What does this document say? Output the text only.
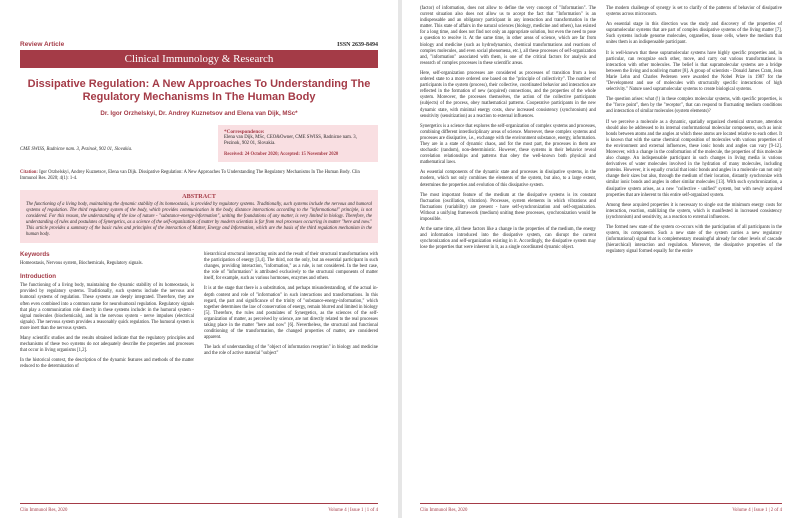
Review Article	ISSN 2639-8494
Clinical Immunology & Research
Dissipative Regulation: A New Approaches To Understanding The Regulatory Mechanisms In The Human Body
Dr. Igor Orzhelskyi, Dr. Andrey Kuznetsov and Elena van Dijk, MSc*
CME SWISS, Radnicne nam. 3, Pezinok, 902 01, Slovakia.
*Correspondence:
Elena van Dijk, MSc, CEO&Owner, CME SWISS, Radnicne nam. 3, Pezinok, 902 01, Slovakia.
Received: 24 October 2020; Accepted: 15 November 2020
Citation: Igor Orzhelskyi, Andrey Kuznetsov, Elena van Dijk. Dissipative Regulation: A New Approaches To Understanding The Regulatory Mechanisms In The Human Body. Clin Immunol Res. 2020; 4(1): 1-4.
ABSTRACT
The functioning of a living body, maintaining the dynamic stability of its homeostasis, is provided by regulatory systems. Traditionally, such systems include the nervous and humoral systems of regulation. The third regulatory system of the body, which provides communication in the body, distance interactions according to the "informational" principle, is not considered. For this reason, the understanding of the law of nature - "substance-energy-information", uniting the foundations of any matter, is very limited in biology. Therefore, the understanding of rules and postulates of Synergetics, as a science of the self-organization of matter by modern scientists is far from real processes occurring in matter "here and now." This article provides a summary of the basic rules and principles of the interaction of Matter, Energy and Information, which are the basis of the third regulation mechanism in the human body.
Keywords
Homeostasis, Nervous system, Biochemicals, Regulatory signals.
Introduction

The functioning of a living body, maintaining the dynamic stability of its homeostasis, is provided by regulatory systems. Traditionally, such systems include the nervous and humoral systems of regulation. These systems are deeply integrated. Therefore, they are often even combined into a common name for neurohumoral regulation. Regulatory signals that play a communication role directly in these systems include: in the humoral system - signal molecules (biochemicals), and in the nervous system - nerve impulses (electrical signals). The nervous system provides a reasonably quick regulation. The humoral system is more inert than the nervous system.

Many scientific studies and the results obtained indicate that the regulatory principles and mechanisms of these two systems do not adequately describe the properties and processes that occur in living organisms [1,2].

In the historical context, the description of the dynamic features and methods of the matter reduced to the determination of

hierarchical structural interacting units and the result of their structural transformations with the participation of energy [3,4]. The third, not the only, but an essential participant in such changes, providing interaction, "information," as a rule, is not considered. In the best case, the role of "information" is attributed exclusively to the structural components of matter itself, for example, such as various hormones, enzymes and others.

It is at the stage that there is a substitution, and perhaps misunderstanding, of the actual in-depth content and role of "information" in such interactions and transformations. In this regard, the part and significance of the trinity of "substance-energy-information," which together determines the law of conservation of energy, remain blurred and limited in biology [5]. Therefore, the rules and postulates of Synergetics, as the sciences of the self-organization of matter, as perceived by science, are not directly related to the real processes taking place in the matter "here and now" [6]. Nevertheless, the structural and functional conditioning of the transformation, the changed properties of matter, are considered apparent.

The lack of understanding of the "object of information reception" in biology and medicine and the role of active material "subject"

Clin Immunol Res, 2020	Volume 4 | Issue 1 | 1 of 4

(factor) of information, does not allow to define the very concept of "Information". The current situation also does not allow us to accept the fact that "Information" is an indispensable and an obligatory participant in any interaction and transformation in the matter. This state of affairs in the natural sciences (biology, medicine and others), has existed for a long time, and does not find not only an appropriate solution, but even the need to pose a question to resolve it. At the same time, in other areas of science, which are far from biology and medicine (such as hydrodynamics, chemical transformations and reactions of complex molecules, and even social phenomena, etc.), all these processes of self-organization and, "information" associated with them, is one of the critical factors for analysis and research of complex processes in these scientific areas.

Here, self-organization processes are considered as processes of transition from a less ordered state to a more ordered one based on the "principle of collectivity". The number of participants in the system (process), their collective, coordinated behavior and interaction are reflected in the formation of new (acquired) connections, and the properties of the whole system. Moreover, the processes themselves, the action of the collective participants (subjects) of the process, obey mathematical patterns. Cooperative participants in the new dynamic state, with minimal energy costs, show increased consistency (synchronism) and sensitivity (sensitization) as a reaction to external influences.

Synergetics is a science that explores the self-organization of complex systems and processes, combining different interdisciplinary areas of science. Moreover, these complex systems and processes are dissipative, i.e., exchange with the environment substance, energy, information. They are in a state of dynamic chaos, and for the most part, the processes in them are stochastic (random), non-deterministic. However, these systems in their behavior reveal correlation relationships and patterns that obey the well-known both physical and mathematical laws.

As essential components of the dynamic state and processes in dissipative systems, in the modern, which not only combines the elements of the system, but also, to a large extent, determines the properties and evolution of this dissipative system.

The most important feature of the medium at the dissipative systems is its constant fluctuation (oscillation, vibration). Processes, system elements in which vibrations and fluctuations (variability) are present - have self-synchronization and self-organization. Without a unifying framework (medium) uniting these processes, synchronization would be impossible.

At the same time, all these factors like a change in the properties of the medium, the energy and information introduced into the dissipative system, can disrupt the current synchronization and self-organization existing in it. Accordingly, the dissipative system may lose the properties that were inherent in it, as a single coordinated dynamic object.

The modern challenge of synergy is set to clarify of the patterns of behavior of dissipative systems across microcosm.

An essential stage in this direction was the study and discovery of the properties of supramolecular systems that are part of complex dissipative systems of the living matter [7]. Such systems include genome molecules, organelles, tissue cells, where the medium that unites them is an indispensable participant.

It is well-known that these supramolecular systems have highly specific properties and, in particular, can recognize each other, move, and carry out various transformations in interaction with other molecules. The belief is that supramolecular systems are a bridge between the living and nonliving matter [8]. A group of scientists - Donald James Cram, Jean Marie Lehn and Charles Pedersen were awarded the Nobel Prize in 1987 for the "Development and use of molecules with structurally specific interactions of high selectivity." Nature used supramolecular systems to create biological systems.

The question arises: what (!) in these complex molecular systems, with specific properties, is the "force point", then by the "receptor", that can respond to fluctuating medium conditions and interaction of similar molecules (system elements)?

If we perceive a molecule as a dynamic, spatially organized chemical structure, attention should also be addressed to its internal conformational molecular components, such as ionic bonds between atoms and the angles at which these atoms are located relative to each other. It is known that with the same chemical composition of molecules with various properties of the environment and external influences, these ionic bonds and angles can vary [9-12]. Moreover, with a change in the conformation of the molecule, the properties of this molecule also change. An indispensable participant in such changes in living media is various derivatives of water molecules involved in the hydration of many molecules, including proteins. However, it is equally crucial that ionic bonds and angles in a molecule can not only change their sizes but also, through the medium of their location, distantly synchronize with similar ionic bonds and angles in other similar molecules [13]. With such synchronization, a dissipative system arises, as a new "collective - unified" system, but with newly acquired properties that are inherent to this entire self-organized system.

Among these acquired properties it is necessary to single out the minimum energy costs for interaction, reaction, stabilizing the system, which is manifested in increased consistency (synchronism) and sensitivity, as a reaction to external influences.

The formed new state of the system co-occurs with the participation of all participants in the system, its components. Such a new state of the system carries a new regulatory (informational) signal that is complementary meaningful already for other levels of cascade (hierarchical) interaction and regulation. Moreover, the dissipative properties of the regulatory signal formed equally for the entire

Clin Immunol Res, 2020	Volume 4 | Issue 1 | 2 of 4
